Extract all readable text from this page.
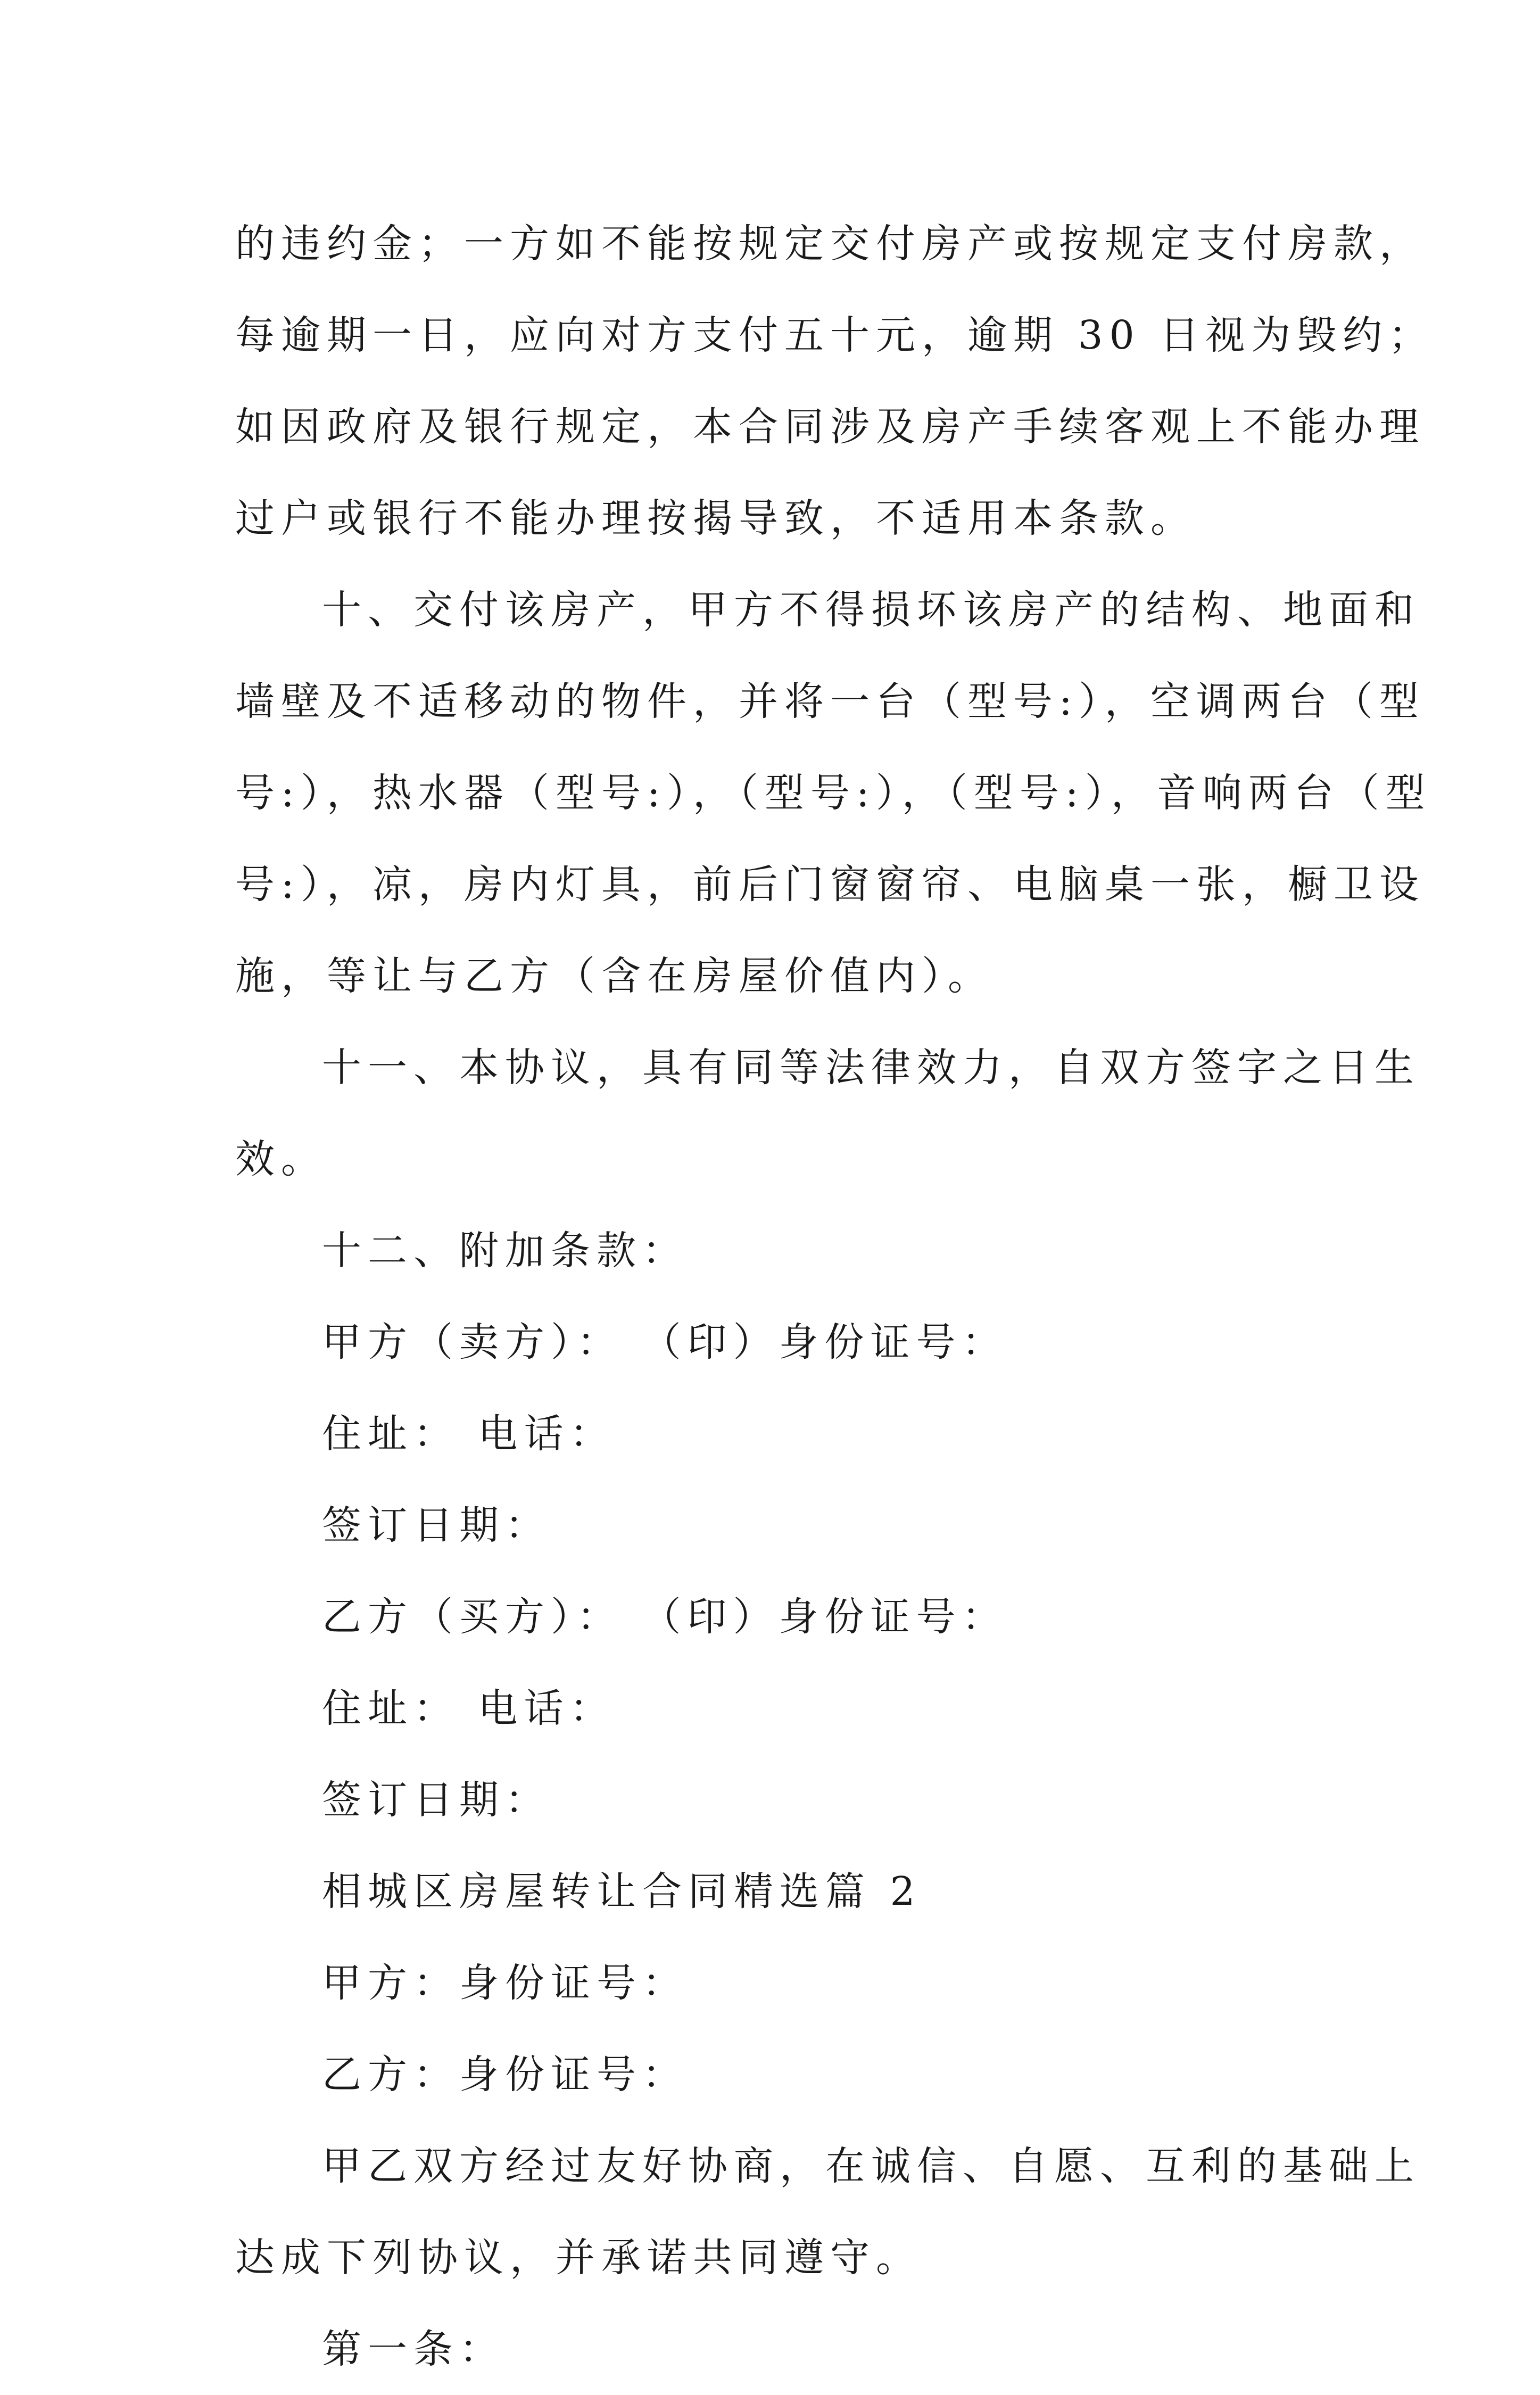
的违约金；一方如不能按规定交付房产或按规定支付房款，
每逾期一日，应向对方支付五十元，逾期 30 日视为毁约；
如因政府及银行规定，本合同涉及房产手续客观上不能办理
过户或银行不能办理按揭导致，不适用本条款。
十、交付该房产，甲方不得损坏该房产的结构、地面和
墙壁及不适移动的物件，并将一台（型号:），空调两台（型
号:），热水器（型号:），（型号:），（型号:），音响两台（型
号:），凉，房内灯具，前后门窗窗帘、电脑桌一张，橱卫设
施，等让与乙方（含在房屋价值内）。
十一、本协议，具有同等法律效力，自双方签字之日生
效。
十二、附加条款：
甲方（卖方）： （印）身份证号：
住址： 电话：
签订日期：
乙方（买方）： （印）身份证号：
住址： 电话：
签订日期：
相城区房屋转让合同精选篇 2
甲方：身份证号：
乙方：身份证号：
甲乙双方经过友好协商，在诚信、自愿、互利的基础上
达成下列协议，并承诺共同遵守。
第一条：
